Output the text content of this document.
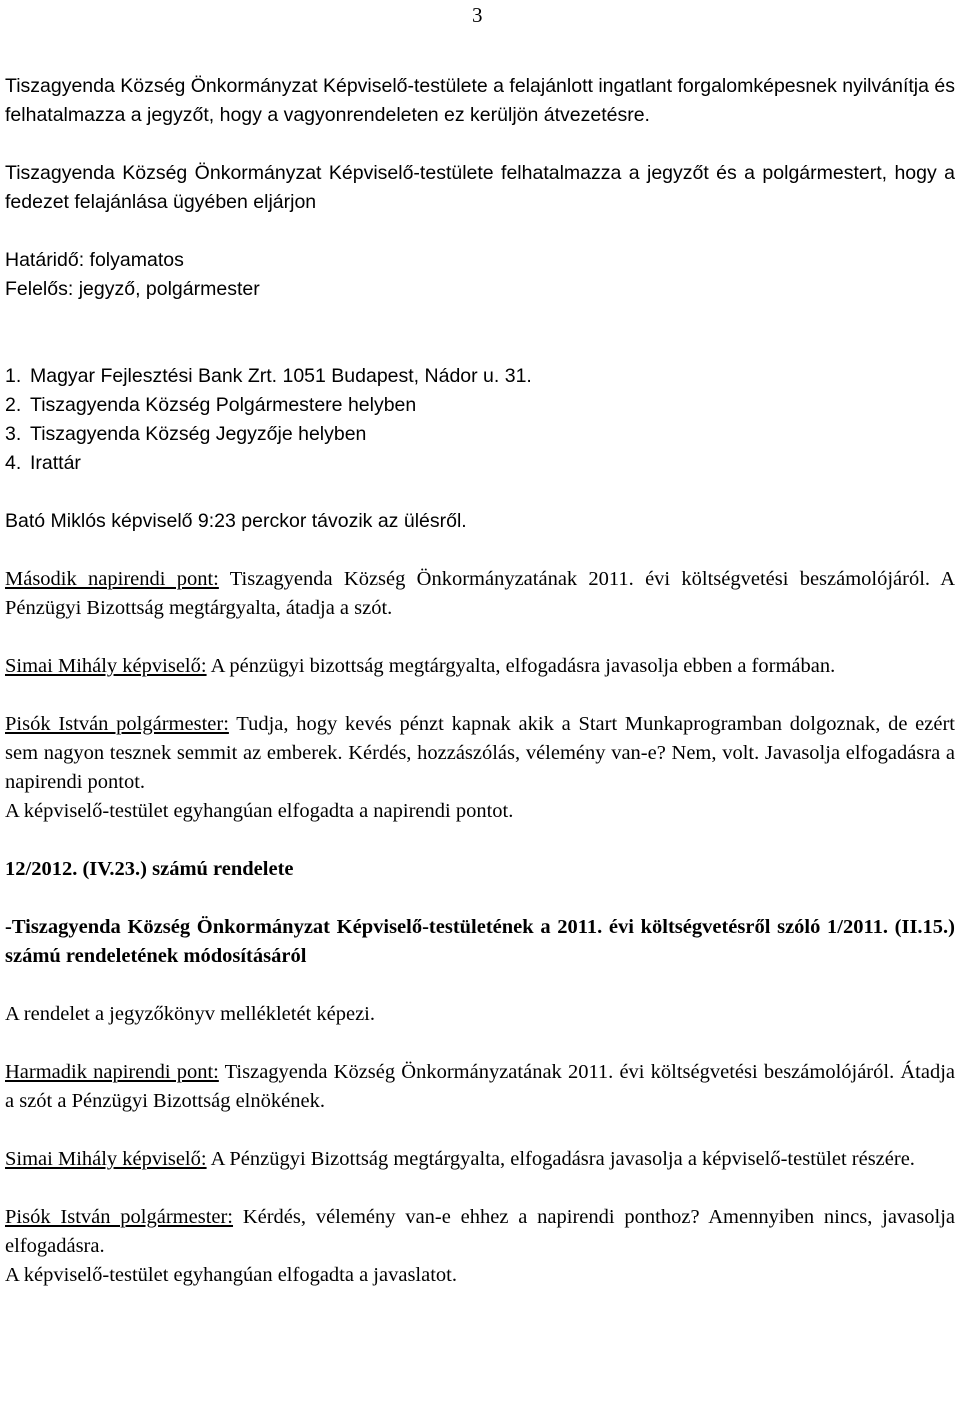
3

Tiszagyenda Község Önkormányzat Képviselő-testülete a felajánlott ingatlant forgalomképesnek nyilvánítja és felhatalmazza a jegyzőt, hogy a vagyonrendeleten ez kerüljön átvezetésre.

Tiszagyenda Község Önkormányzat Képviselő-testülete felhatalmazza a jegyzőt és a polgármestert, hogy a fedezet felajánlása ügyében eljárjon

Határidő: folyamatos

Felelős: jegyző, polgármester

1. Magyar Fejlesztési Bank Zrt. 1051 Budapest, Nádor u. 31.
2. Tiszagyenda Község Polgármestere helyben
3. Tiszagyenda Község Jegyzője helyben
4. Irattár

Bató Miklós képviselő 9:23 perckor távozik az ülésről.

Második napirendi pont: Tiszagyenda Község Önkormányzatának 2011. évi költségvetési beszámolójáról. A Pénzügyi Bizottság megtárgyalta, átadja a szót.

Simai Mihály képviselő: A pénzügyi bizottság megtárgyalta, elfogadásra javasolja ebben a formában.

Pisók István polgármester: Tudja, hogy kevés pénzt kapnak akik a Start Munkaprogramban dolgoznak, de ezért sem nagyon tesznek semmit az emberek. Kérdés, hozzászólás, vélemény van-e? Nem, volt. Javasolja elfogadásra a napirendi pontot.

A képviselő-testület egyhangúan elfogadta a napirendi pontot.

12/2012. (IV.23.) számú rendelete

-Tiszagyenda Község Önkormányzat Képviselő-testületének a 2011. évi költségvetésről szóló 1/2011. (II.15.) számú rendeletének módosításáról

A rendelet a jegyzőkönyv mellékletét képezi.

Harmadik napirendi pont: Tiszagyenda Község Önkormányzatának 2011. évi költségvetési beszámolójáról. Átadja a szót a Pénzügyi Bizottság elnökének.

Simai Mihály képviselő: A Pénzügyi Bizottság megtárgyalta, elfogadásra javasolja a képviselő-testület részére.

Pisók István polgármester: Kérdés, vélemény van-e ehhez a napirendi ponthoz? Amennyiben nincs, javasolja elfogadásra.

A képviselő-testület egyhangúan elfogadta a javaslatot.
